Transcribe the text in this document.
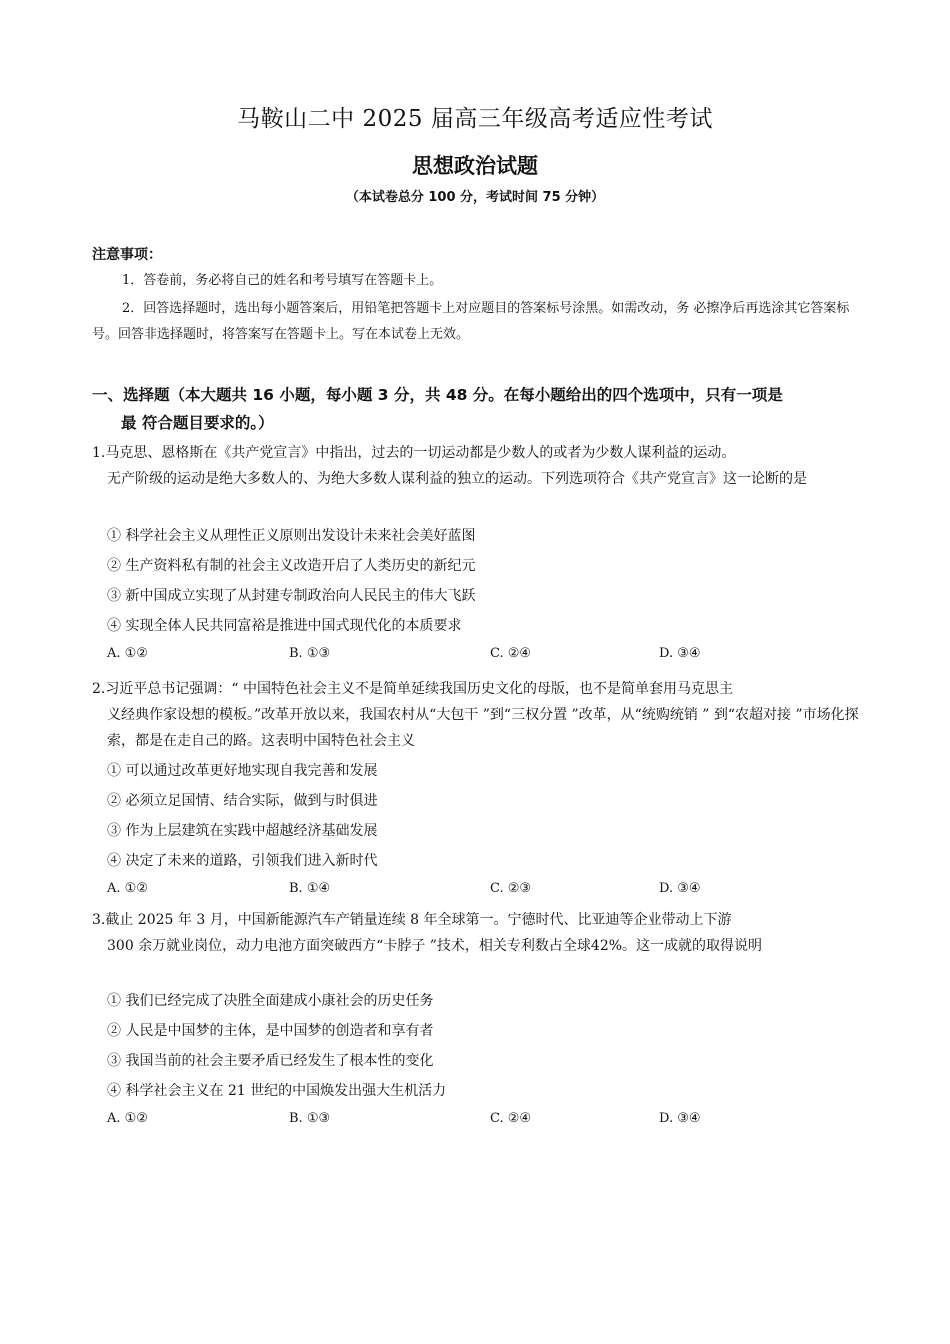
马鞍山二中 2025 届高三年级高考适应性考试
思想政治试题
（本试卷总分 100 分，考试时间 75 分钟）
注意事项：
1．答卷前，务必将自己的姓名和考号填写在答题卡上。
2．回答选择题时，选出每小题答案后，用铅笔把答题卡上对应题目的答案标号涂黑。如需改动，务 必擦净后再选涂其它答案标号。回答非选择题时，将答案写在答题卡上。写在本试卷上无效。
一、选择题（本大题共 16 小题，每小题 3 分，共 48 分。在每小题给出的四个选项中，只有一项是
最 符合题目要求的。）
1.马克思、恩格斯在《共产党宣言》中指出，过去的一切运动都是少数人的或者为少数人谋利益的运动。
无产阶级的运动是绝大多数人的、为绝大多数人谋利益的独立的运动。下列选项符合《共产党宣言》这一论断的是
① 科学社会主义从理性正义原则出发设计未来社会美好蓝图
② 生产资料私有制的社会主义改造开启了人类历史的新纪元
③ 新中国成立实现了从封建专制政治向人民民主的伟大飞跃
④ 实现全体人民共同富裕是推进中国式现代化的本质要求
A. ①②	B. ①③	C. ②④	D. ③④
2.习近平总书记强调：“ 中国特色社会主义不是简单延续我国历史文化的母版，也不是简单套用马克思主
义经典作家设想的模板。”改革开放以来，我国农村从“大包干 ”到“三权分置 ”改革，从“统购统销 ” 到“农超对接 ”市场化探索，都是在走自己的路。这表明中国特色社会主义
① 可以通过改革更好地实现自我完善和发展
② 必须立足国情、结合实际，做到与时俱进
③ 作为上层建筑在实践中超越经济基础发展
④ 决定了未来的道路，引领我们进入新时代
A. ①②	B. ①④	C. ②③	D. ③④
3.截止 2025 年 3 月，中国新能源汽车产销量连续 8 年全球第一。宁德时代、比亚迪等企业带动上下游
300 余万就业岗位，动力电池方面突破西方“卡脖子 ”技术，相关专利数占全球42%。这一成就的取得说明
① 我们已经完成了决胜全面建成小康社会的历史任务
② 人民是中国梦的主体，是中国梦的创造者和享有者
③ 我国当前的社会主要矛盾已经发生了根本性的变化
④ 科学社会主义在 21 世纪的中国焕发出强大生机活力
A. ①②	B. ①③	C. ②④	D. ③④
